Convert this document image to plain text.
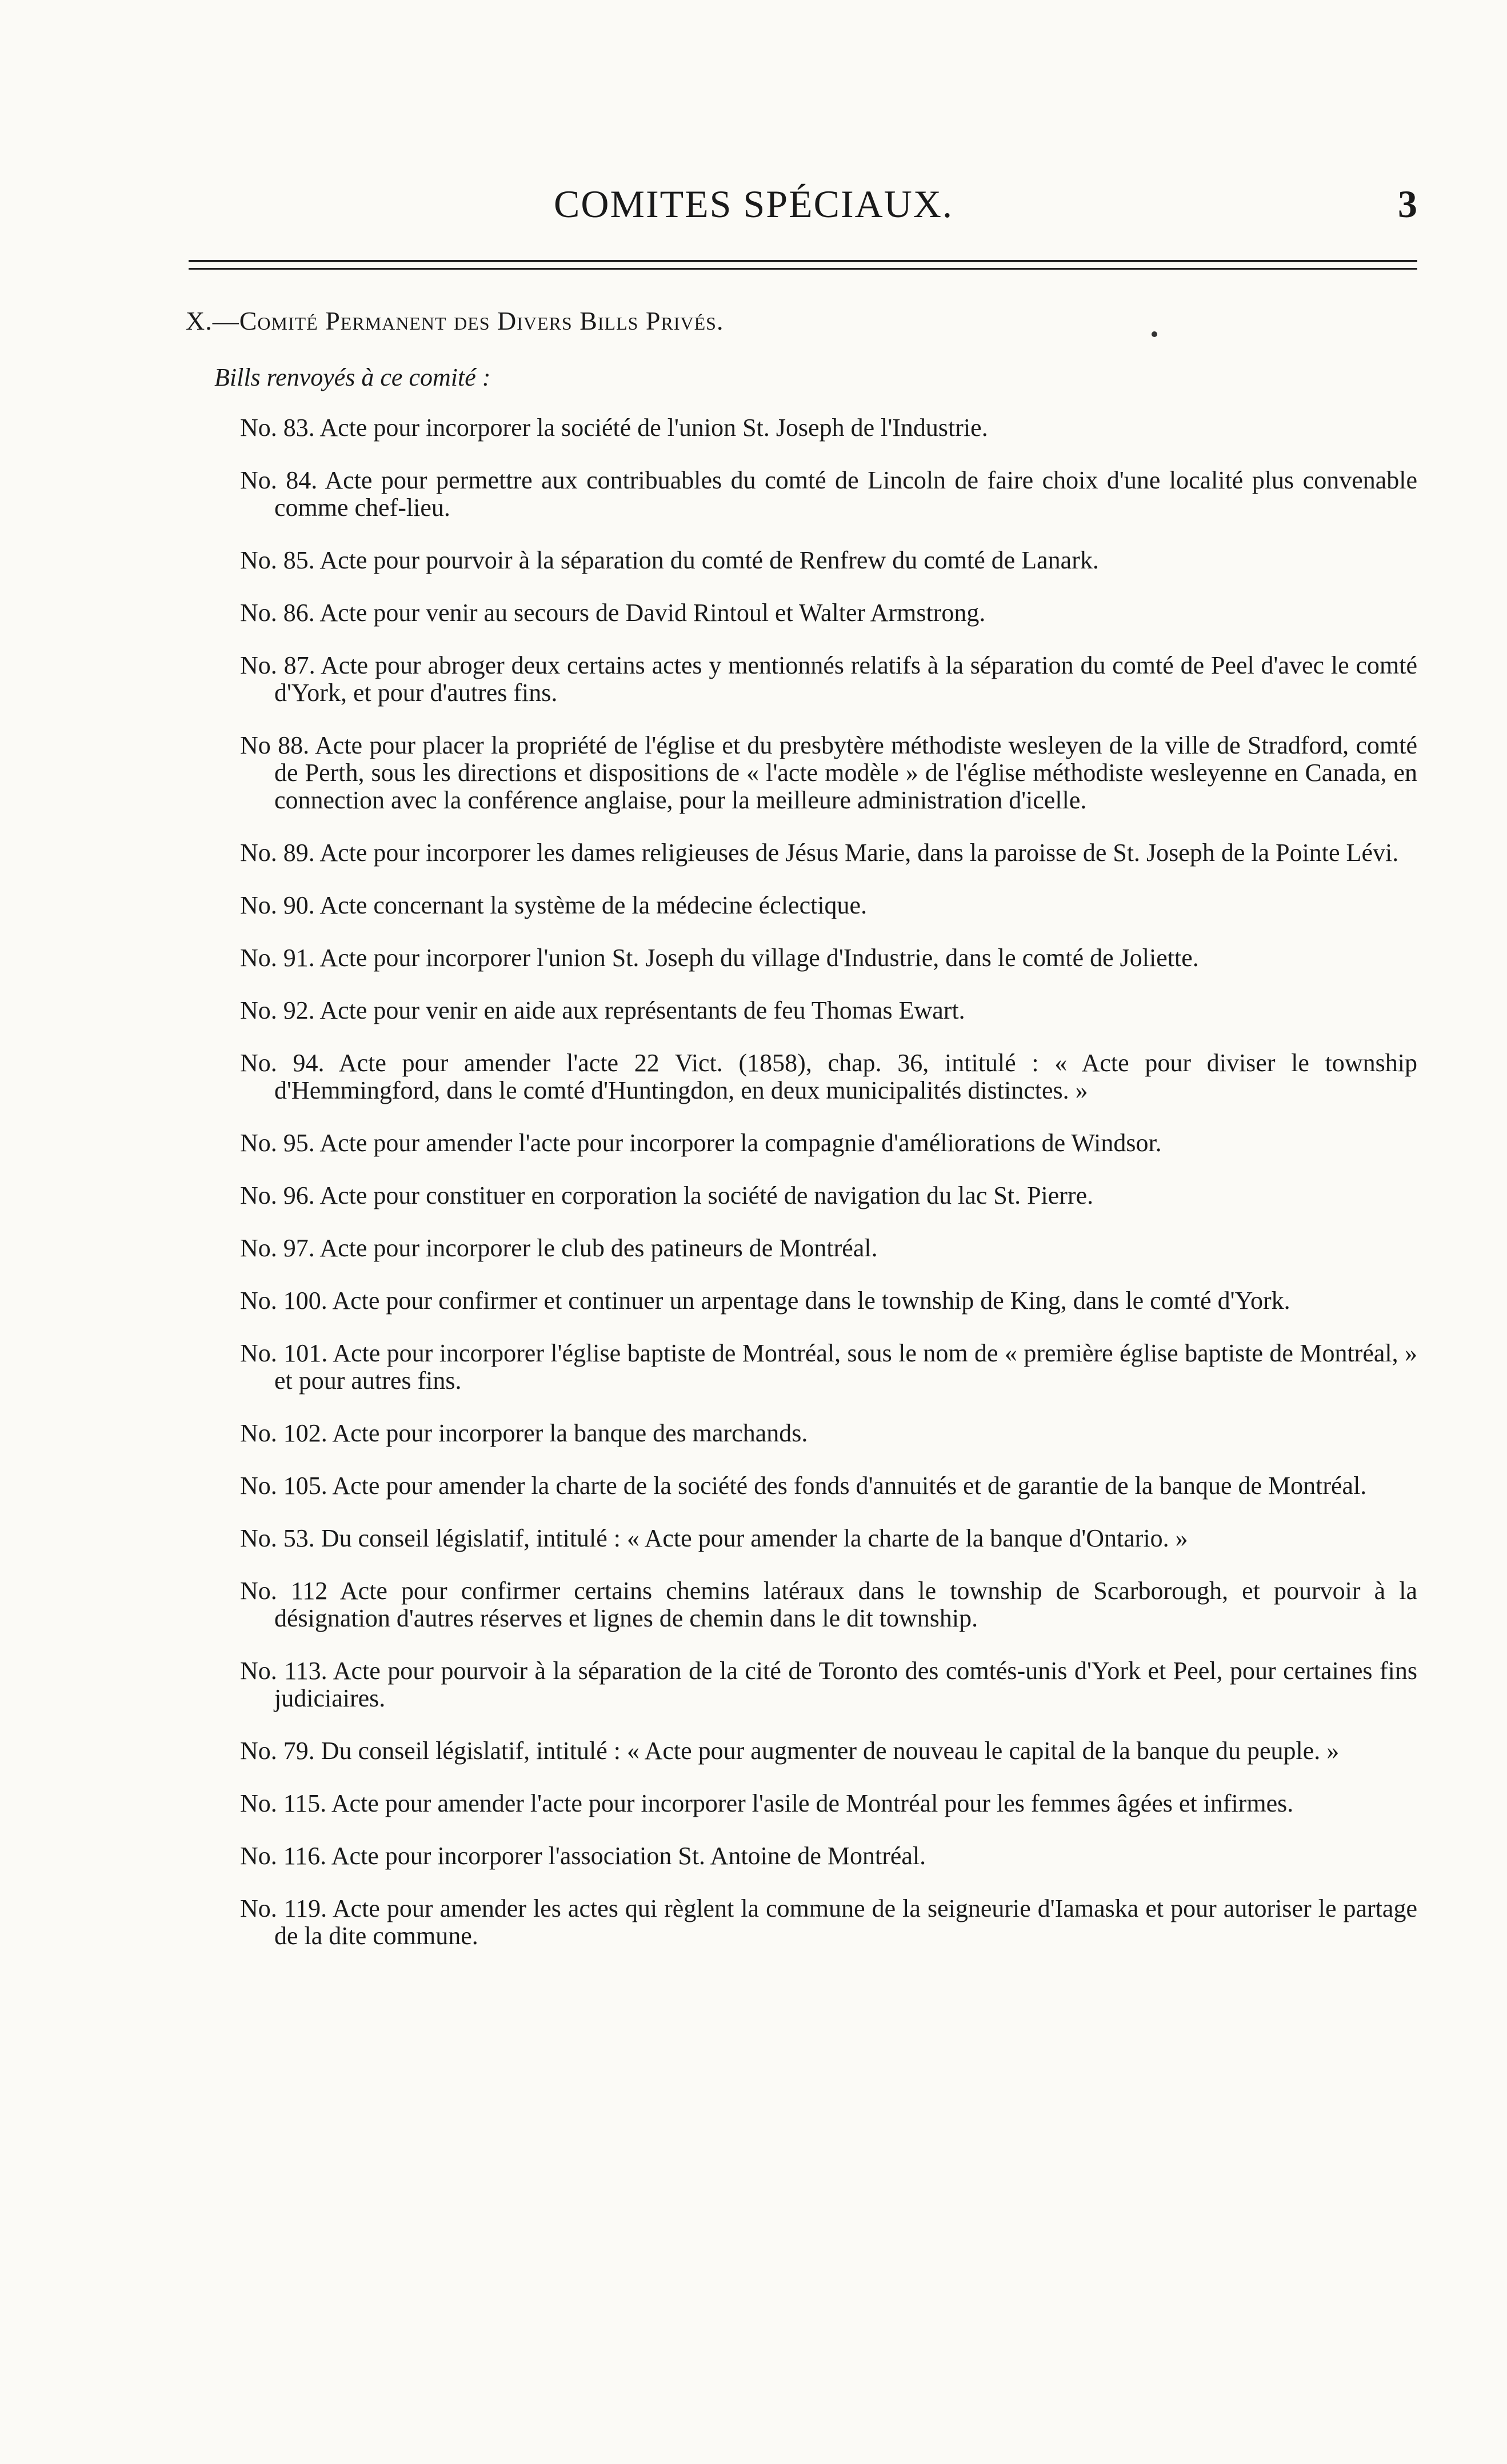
COMITES SPÉCIAUX.	3
X.—Comité Permanent des Divers Bills Privés.
Bills renvoyés à ce comité :
No. 83. Acte pour incorporer la société de l'union St. Joseph de l'Industrie.
No. 84. Acte pour permettre aux contribuables du comté de Lincoln de faire choix d'une localité plus convenable comme chef-lieu.
No. 85. Acte pour pourvoir à la séparation du comté de Renfrew du comté de Lanark.
No. 86. Acte pour venir au secours de David Rintoul et Walter Armstrong.
No. 87. Acte pour abroger deux certains actes y mentionnés relatifs à la séparation du comté de Peel d'avec le comté d'York, et pour d'autres fins.
No 88. Acte pour placer la propriété de l'église et du presbytère méthodiste wesleyen de la ville de Stradford, comté de Perth, sous les directions et dispositions de « l'acte modèle » de l'église méthodiste wesleyenne en Canada, en connection avec la conférence anglaise, pour la meilleure administration d'icelle.
No. 89. Acte pour incorporer les dames religieuses de Jésus Marie, dans la paroisse de St. Joseph de la Pointe Lévi.
No. 90. Acte concernant la système de la médecine éclectique.
No. 91. Acte pour incorporer l'union St. Joseph du village d'Industrie, dans le comté de Joliette.
No. 92. Acte pour venir en aide aux représentants de feu Thomas Ewart.
No. 94. Acte pour amender l'acte 22 Vict. (1858), chap. 36, intitulé : « Acte pour diviser le township d'Hemmingford, dans le comté d'Huntingdon, en deux municipalités distinctes. »
No. 95. Acte pour amender l'acte pour incorporer la compagnie d'améliorations de Windsor.
No. 96. Acte pour constituer en corporation la société de navigation du lac St. Pierre.
No. 97. Acte pour incorporer le club des patineurs de Montréal.
No. 100. Acte pour confirmer et continuer un arpentage dans le township de King, dans le comté d'York.
No. 101. Acte pour incorporer l'église baptiste de Montréal, sous le nom de « première église baptiste de Montréal, » et pour autres fins.
No. 102. Acte pour incorporer la banque des marchands.
No. 105. Acte pour amender la charte de la société des fonds d'annuités et de garantie de la banque de Montréal.
No. 53. Du conseil législatif, intitulé : « Acte pour amender la charte de la banque d'Ontario. »
No. 112 Acte pour confirmer certains chemins latéraux dans le township de Scarborough, et pourvoir à la désignation d'autres réserves et lignes de chemin dans le dit township.
No. 113. Acte pour pourvoir à la séparation de la cité de Toronto des comtés-unis d'York et Peel, pour certaines fins judiciaires.
No. 79. Du conseil législatif, intitulé : « Acte pour augmenter de nouveau le capital de la banque du peuple. »
No. 115. Acte pour amender l'acte pour incorporer l'asile de Montréal pour les femmes âgées et infirmes.
No. 116. Acte pour incorporer l'association St. Antoine de Montréal.
No. 119. Acte pour amender les actes qui règlent la commune de la seigneurie d'Iamaska et pour autoriser le partage de la dite commune.
